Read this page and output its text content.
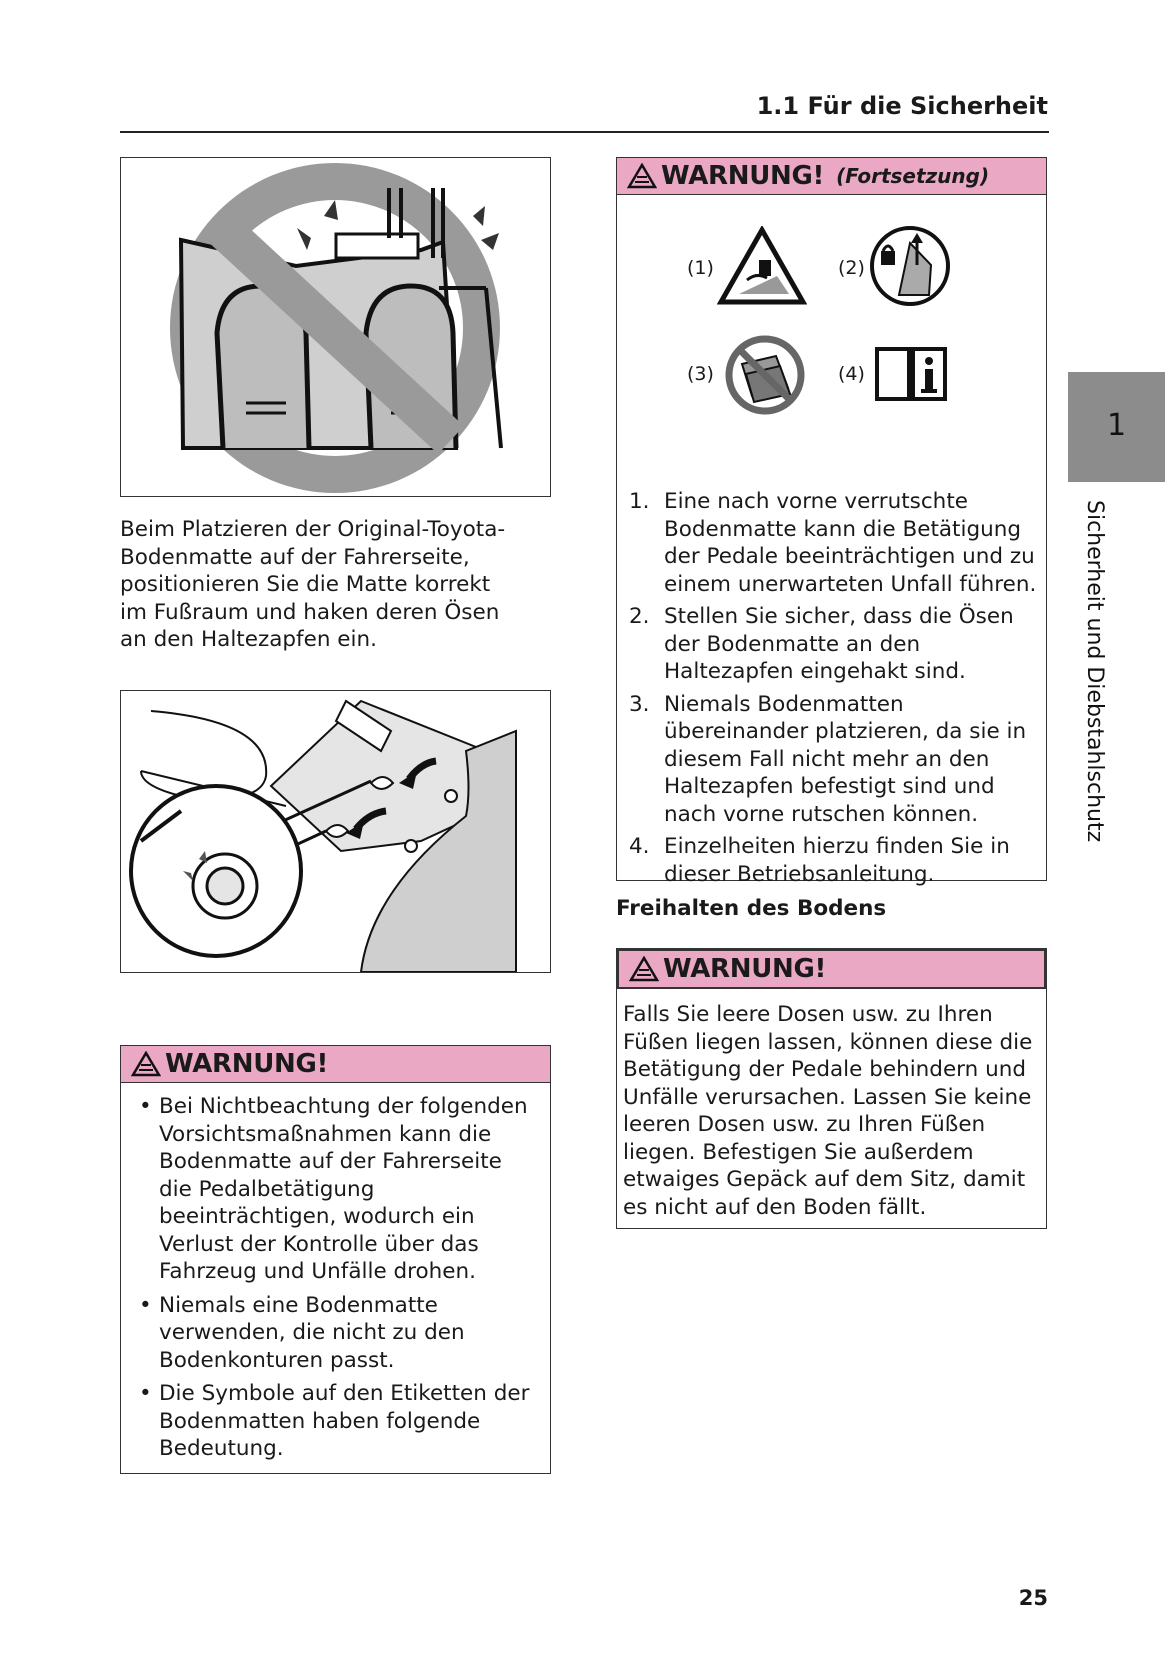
1.1 Für die Sicherheit
Beim Platzieren der Original-Toyota-Bodenmatte auf der Fahrerseite, positionieren Sie die Matte korrekt im Fußraum und haken deren Ösen an den Haltezapfen ein.
WARNUNG!
• Bei Nichtbeachtung der folgenden Vorsichtsmaßnahmen kann die Bodenmatte auf der Fahrerseite die Pedalbetätigung beeinträchtigen, wodurch ein Verlust der Kontrolle über das Fahrzeug und Unfälle drohen.
• Niemals eine Bodenmatte verwenden, die nicht zu den Bodenkonturen passt.
• Die Symbole auf den Etiketten der Bodenmatten haben folgende Bedeutung.
WARNUNG! (Fortsetzung)
(1)	(2)
(3)	(4)
1. Eine nach vorne verrutschte Bodenmatte kann die Betätigung der Pedale beeinträchtigen und zu einem unerwarteten Unfall führen.
2. Stellen Sie sicher, dass die Ösen der Bodenmatte an den Haltezapfen eingehakt sind.
3. Niemals Bodenmatten übereinander platzieren, da sie in diesem Fall nicht mehr an den Haltezapfen befestigt sind und nach vorne rutschen können.
4. Einzelheiten hierzu finden Sie in dieser Betriebsanleitung.
Freihalten des Bodens
WARNUNG!
Falls Sie leere Dosen usw. zu Ihren Füßen liegen lassen, können diese die Betätigung der Pedale behindern und Unfälle verursachen. Lassen Sie keine leeren Dosen usw. zu Ihren Füßen liegen. Befestigen Sie außerdem etwaiges Gepäck auf dem Sitz, damit es nicht auf den Boden fällt.
1
Sicherheit und Diebstahlschutz
25
